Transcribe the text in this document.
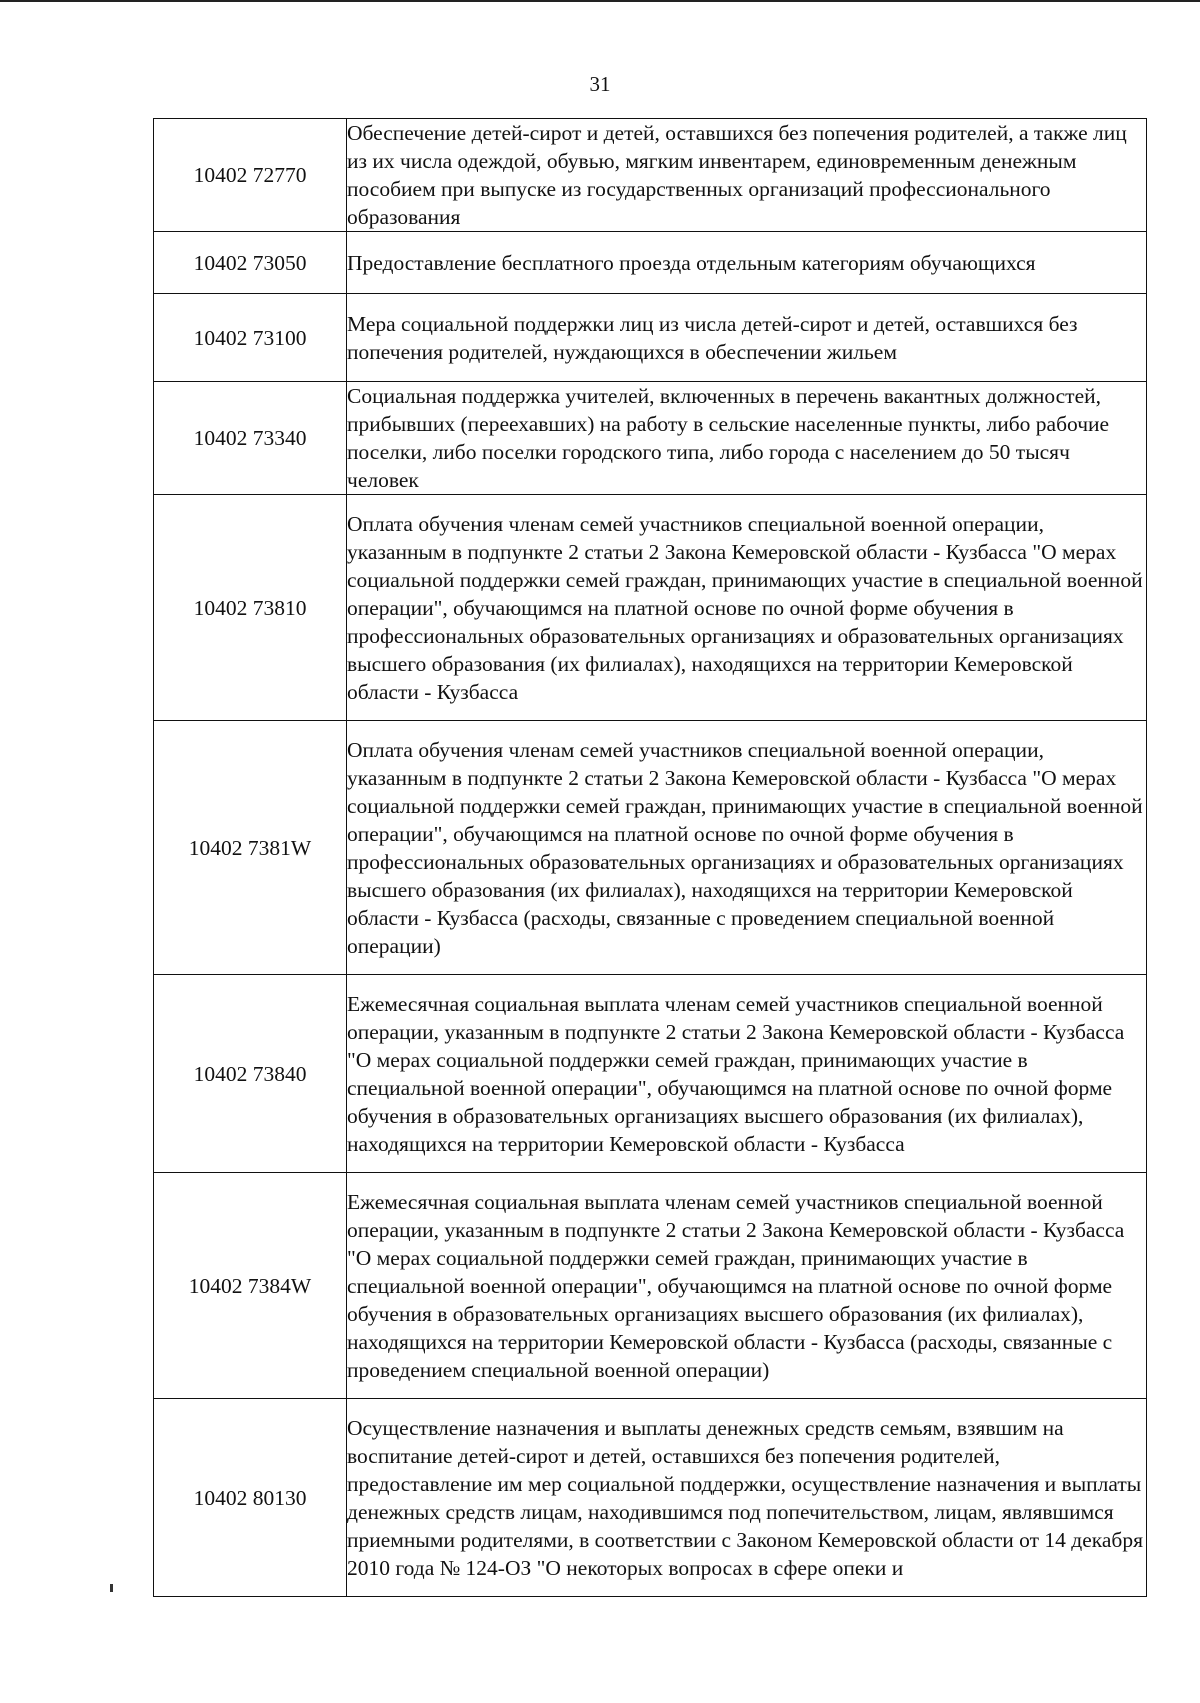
31
10402 72770	Обеспечение детей-сирот и детей, оставшихся без попечения родителей, а также лиц из их числа одеждой, обувью, мягким инвентарем, единовременным денежным пособием при выпуске из государственных организаций профессионального образования

10402 73050	Предоставление бесплатного проезда отдельным категориям обучающихся

10402 73100	Мера социальной поддержки лиц из числа детей-сирот и детей, оставшихся без попечения родителей, нуждающихся в обеспечении жильем

10402 73340	Социальная поддержка учителей, включенных в перечень вакантных должностей, прибывших (переехавших) на работу в сельские населенные пункты, либо рабочие поселки, либо поселки городского типа, либо города с населением до 50 тысяч человек

10402 73810	Оплата обучения членам семей участников специальной военной операции, указанным в подпункте 2 статьи 2 Закона Кемеровской области - Кузбасса "О мерах социальной поддержки семей граждан, принимающих участие в специальной военной операции", обучающимся на платной основе по очной форме обучения в профессиональных образовательных организациях и образовательных организациях высшего образования (их филиалах), находящихся на территории Кемеровской области - Кузбасса

10402 7381W	Оплата обучения членам семей участников специальной военной операции, указанным в подпункте 2 статьи 2 Закона Кемеровской области - Кузбасса "О мерах социальной поддержки семей граждан, принимающих участие в специальной военной операции", обучающимся на платной основе по очной форме обучения в профессиональных образовательных организациях и образовательных организациях высшего образования (их филиалах), находящихся на территории Кемеровской области - Кузбасса (расходы, связанные с проведением специальной военной операции)

10402 73840	Ежемесячная социальная выплата членам семей участников специальной военной операции, указанным в подпункте 2 статьи 2 Закона Кемеровской области - Кузбасса "О мерах социальной поддержки семей граждан, принимающих участие в специальной военной операции", обучающимся на платной основе по очной форме обучения в образовательных организациях высшего образования (их филиалах), находящихся на территории Кемеровской области - Кузбасса

10402 7384W	Ежемесячная социальная выплата членам семей участников специальной военной операции, указанным в подпункте 2 статьи 2 Закона Кемеровской области - Кузбасса "О мерах социальной поддержки семей граждан, принимающих участие в специальной военной операции", обучающимся на платной основе по очной форме обучения в образовательных организациях высшего образования (их филиалах), находящихся на территории Кемеровской области - Кузбасса (расходы, связанные с проведением специальной военной операции)

10402 80130	Осуществление назначения и выплаты денежных средств семьям, взявшим на воспитание детей-сирот и детей, оставшихся без попечения родителей, предоставление им мер социальной поддержки, осуществление назначения и выплаты денежных средств лицам, находившимся под попечительством, лицам, являвшимся приемными родителями, в соответствии с Законом Кемеровской области от 14 декабря 2010 года № 124-ОЗ "О некоторых вопросах в сфере опеки и
